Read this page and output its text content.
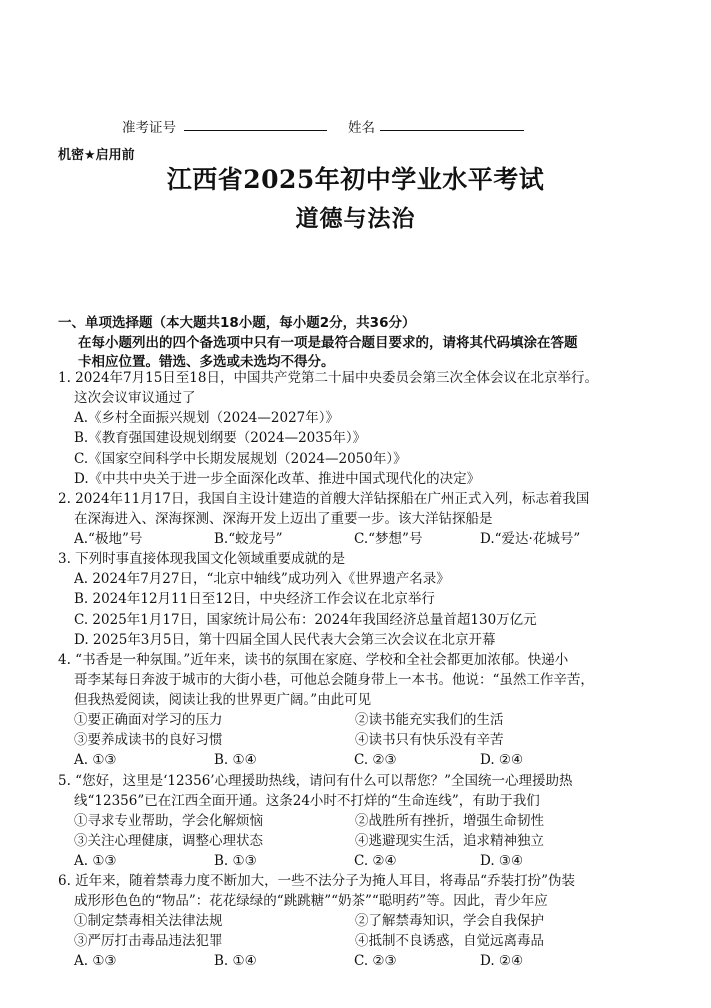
准考证号	姓名
机密★启用前
江西省2025年初中学业水平考试
道德与法治
一、单项选择题（本大题共18小题，每小题2分，共36分）
在每小题列出的四个备选项中只有一项是最符合题目要求的，请将其代码填涂在答题
卡相应位置。错选、多选或未选均不得分。
1. 2024年7月15日至18日，中国共产党第二十届中央委员会第三次全体会议在北京举行。
这次会议审议通过了
A.《乡村全面振兴规划（2024—2027年）》
B.《教育强国建设规划纲要（2024—2035年）》
C.《国家空间科学中长期发展规划（2024—2050年）》
D.《中共中央关于进一步全面深化改革、推进中国式现代化的决定》
2. 2024年11月17日，我国自主设计建造的首艘大洋钻探船在广州正式入列，标志着我国
在深海进入、深海探测、深海开发上迈出了重要一步。该大洋钻探船是
A.“极地”号	B.“蛟龙号”	C.“梦想”号	D.“爱达·花城号”
3. 下列时事直接体现我国文化领域重要成就的是
A. 2024年7月27日，“北京中轴线”成功列入《世界遗产名录》
B. 2024年12月11日至12日，中央经济工作会议在北京举行
C. 2025年1月17日，国家统计局公布：2024年我国经济总量首超130万亿元
D. 2025年3月5日，第十四届全国人民代表大会第三次会议在北京开幕
4. “书香是一种氛围。”近年来，读书的氛围在家庭、学校和全社会都更加浓郁。快递小
哥李某每日奔波于城市的大街小巷，可他总会随身带上一本书。他说：“虽然工作辛苦，
但我热爱阅读，阅读让我的世界更广阔。”由此可见
①要正确面对学习的压力	②读书能充实我们的生活
③要养成读书的良好习惯	④读书只有快乐没有辛苦
A. ①③	B. ①④	C. ②③	D. ②④
5. “您好，这里是‘12356’心理援助热线，请问有什么可以帮您？”全国统一心理援助热
线“12356”已在江西全面开通。这条24小时不打烊的“生命连线”，有助于我们
①寻求专业帮助，学会化解烦恼	②战胜所有挫折，增强生命韧性
③关注心理健康，调整心理状态	④逃避现实生活，追求精神独立
A. ①③	B. ①③	C. ②④	D. ③④
6. 近年来，随着禁毒力度不断加大，一些不法分子为掩人耳目，将毒品“乔装打扮”伪装
成形形色色的“物品”：花花绿绿的“跳跳糖”“奶茶”“聪明药”等。因此，青少年应
①制定禁毒相关法律法规	②了解禁毒知识，学会自我保护
③严厉打击毒品违法犯罪	④抵制不良诱惑，自觉远离毒品
A. ①③	B. ①④	C. ②③	D. ②④
